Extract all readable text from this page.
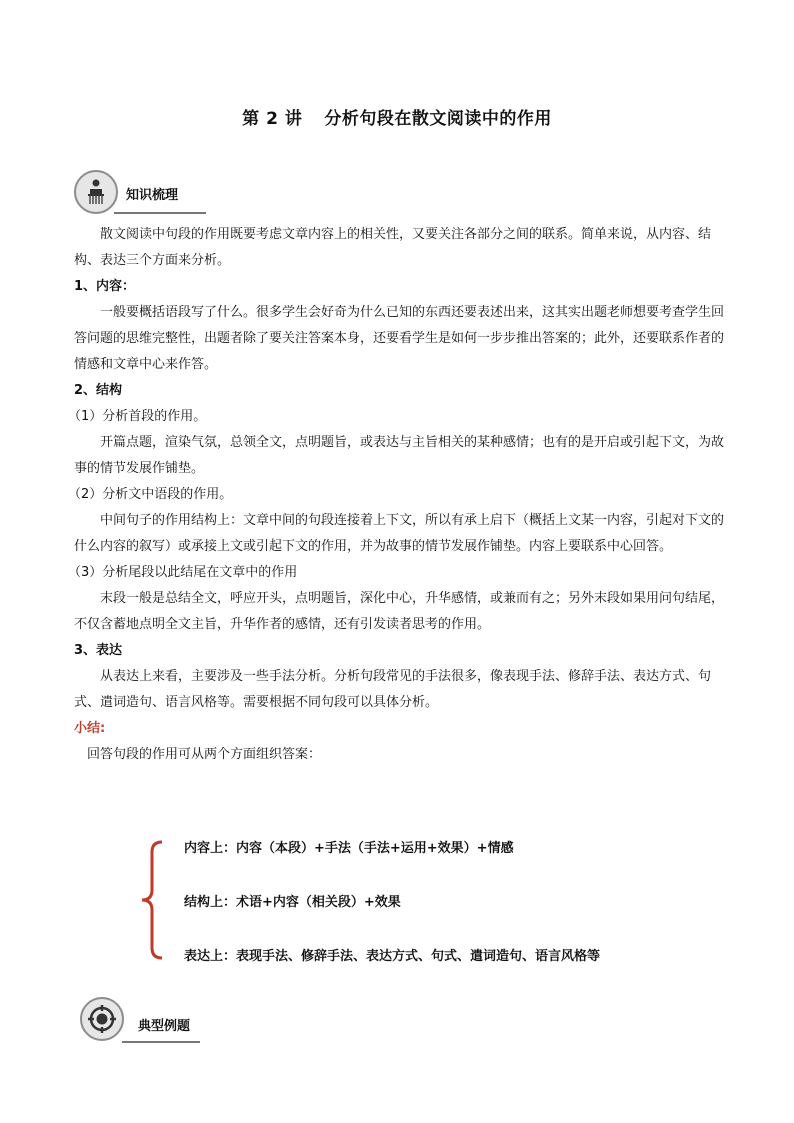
第 2 讲 分析句段在散文阅读中的作用
知识梳理
散文阅读中句段的作用既要考虑文章内容上的相关性，又要关注各部分之间的联系。简单来说，从内容、结构、表达三个方面来分析。
1、内容：
一般要概括语段写了什么。很多学生会好奇为什么已知的东西还要表述出来，这其实出题老师想要考查学生回答问题的思维完整性，出题者除了要关注答案本身，还要看学生是如何一步步推出答案的；此外，还要联系作者的情感和文章中心来作答。
2、结构
（1）分析首段的作用。
开篇点题，渲染气氛，总领全文，点明题旨，或表达与主旨相关的某种感情；也有的是开启或引起下文，为故事的情节发展作铺垫。
（2）分析文中语段的作用。
中间句子的作用结构上：文章中间的句段连接着上下文，所以有承上启下（概括上文某一内容，引起对下文的什么内容的叙写）或承接上文或引起下文的作用，并为故事的情节发展作铺垫。内容上要联系中心回答。
（3）分析尾段以此结尾在文章中的作用
末段一般是总结全文，呼应开头，点明题旨，深化中心，升华感情，或兼而有之；另外末段如果用问句结尾，不仅含蓄地点明全文主旨，升华作者的感情，还有引发读者思考的作用。
3、表达
从表达上来看，主要涉及一些手法分析。分析句段常见的手法很多，像表现手法、修辞手法、表达方式、句式、遣词造句、语言风格等。需要根据不同句段可以具体分析。
小结:
回答句段的作用可从两个方面组织答案：
内容上：内容（本段）+手法（手法+运用+效果）+情感
结构上：术语+内容（相关段）+效果
表达上：表现手法、修辞手法、表达方式、句式、遣词造句、语言风格等
典型例题
